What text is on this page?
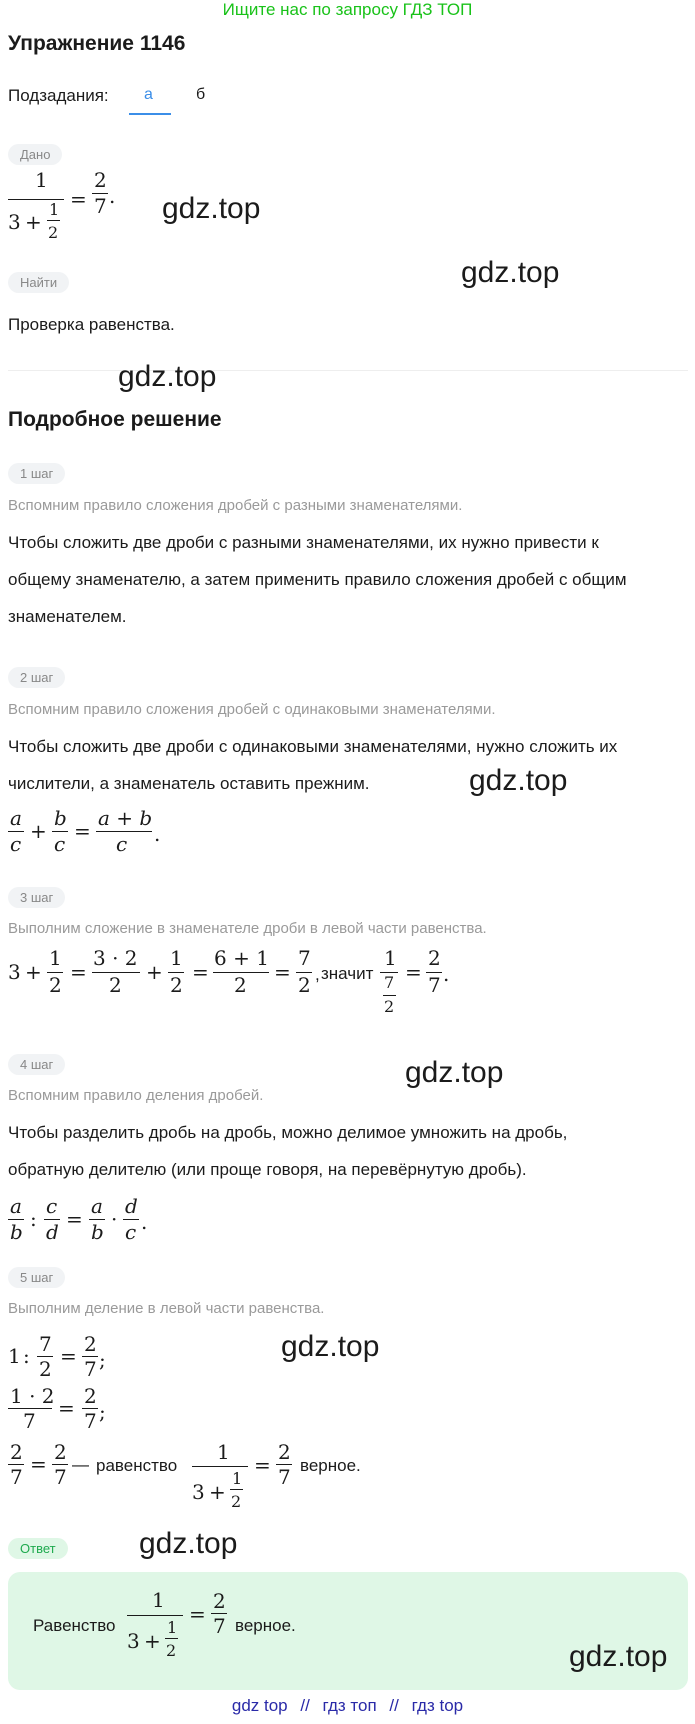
Ищите нас по запросу ГДЗ ТОП
Упражнение 1146
Подзадания: а	б
Дано
1
3 +
1
2
=
2
7 .
Найти
Проверка равенства.
Подробное решение
1 шаг
Вспомним правило сложения дробей с разными знаменателями.
Чтобы сложить две дроби с разными знаменателями, их нужно привести к
общему знаменателю, а затем применить правило сложения дробей с общим
знаменателем.
2 шаг
Вспомним правило сложения дробей с одинаковыми знаменателями.
Чтобы сложить две дроби с одинаковыми знаменателями, нужно сложить их
числители, а знаменатель оставить прежним.
a
c
+
b
c
=
a + b
c .
3 шаг
Выполним сложение в знаменателе дроби в левой части равенства.
3 +
1
2
=
3 · 2
2
+
1
2
=
6 + 1
2
=
7
2 , значит
1
7
2
=
2
7 .
4 шаг
Вспомним правило деления дробей.
Чтобы разделить дробь на дробь, можно делимое умножить на дробь,
обратную делителю (или проще говоря, на перевёрнутую дробь).
a
b
:
c
d
=
a
b
·
d
c .
5 шаг
Выполним деление в левой части равенства.
1 : 7
2
= 2
7 ;
1 · 2
7
= 2
7 ;
2
7
= 2
7
— равенство
1
3 +
1
2
=
2
7 верное.
Ответ
Равенство
1
3 +
1
2
=
2
7 верное.
gdz.top
gdz.top
gdz.top
gdz.top
gdz.top
gdz.top
gdz.top
gdz.top
gdz top // гдз топ // гдз top
